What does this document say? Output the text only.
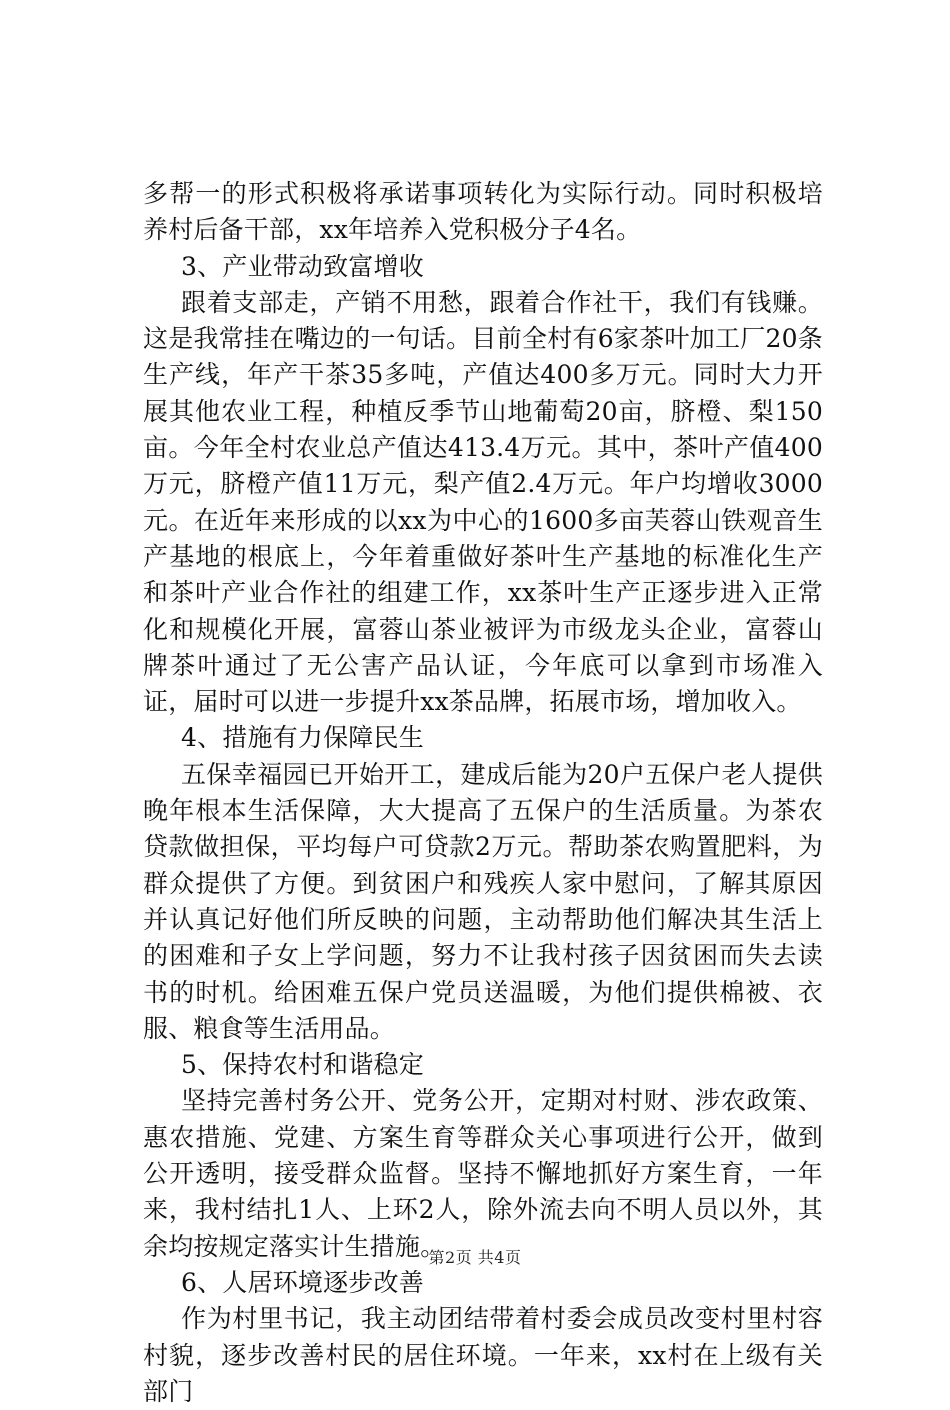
多帮一的形式积极将承诺事项转化为实际行动。同时积极培养村后备干部，xx年培养入党积极分子4名。

3、产业带动致富增收

跟着支部走，产销不用愁，跟着合作社干，我们有钱赚。这是我常挂在嘴边的一句话。目前全村有6家茶叶加工厂20条生产线，年产干茶35多吨，产值达400多万元。同时大力开展其他农业工程，种植反季节山地葡萄20亩，脐橙、梨150亩。今年全村农业总产值达413.4万元。其中，茶叶产值400万元，脐橙产值11万元，梨产值2.4万元。年户均增收3000元。在近年来形成的以xx为中心的1600多亩芙蓉山铁观音生产基地的根底上，今年着重做好茶叶生产基地的标准化生产和茶叶产业合作社的组建工作，xx茶叶生产正逐步进入正常化和规模化开展，富蓉山茶业被评为市级龙头企业，富蓉山牌茶叶通过了无公害产品认证，今年底可以拿到市场准入证，届时可以进一步提升xx茶品牌，拓展市场，增加收入。

4、措施有力保障民生

五保幸福园已开始开工，建成后能为20户五保户老人提供晚年根本生活保障，大大提高了五保户的生活质量。为茶农贷款做担保，平均每户可贷款2万元。帮助茶农购置肥料，为群众提供了方便。到贫困户和残疾人家中慰问，了解其原因并认真记好他们所反映的问题，主动帮助他们解决其生活上的困难和子女上学问题，努力不让我村孩子因贫困而失去读书的时机。给困难五保户党员送温暖，为他们提供棉被、衣服、粮食等生活用品。

5、保持农村和谐稳定

坚持完善村务公开、党务公开，定期对村财、涉农政策、惠农措施、党建、方案生育等群众关心事项进行公开，做到公开透明，接受群众监督。坚持不懈地抓好方案生育，一年来，我村结扎1人、上环2人，除外流去向不明人员以外，其余均按规定落实计生措施。

6、人居环境逐步改善

作为村里书记，我主动团结带着村委会成员改变村里村容村貌，逐步改善村民的居住环境。一年来，xx村在上级有关部门

第2页 共4页
